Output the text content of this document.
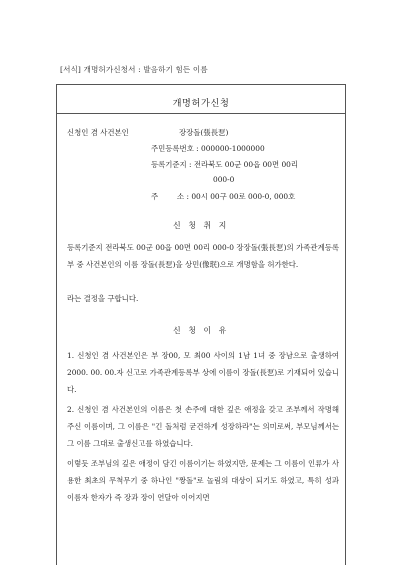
[서식] 개명허가신청서 : 발음하기 힘든 이름
개명허가신청
신청인 겸 사건본인	장장돌(張長乭)
주민등록번호 : 000000-1000000
등록기준지 : 전라북도 00군 00읍 00면 00리
000-0
주	소 : 00시 00구 00로 000-0, 000호
신 청 취 지
등록기준지 전라북도 00군 00읍 00면 00리 000-0 장장돌(張長乭)의 가족관계등록부 중 사건본인의 이름 장돌(長乭)을 상민(像珉)으로 개명함을 허가한다.
라는 결정을 구합니다.
신 청 이 유
1. 신청인 겸 사건본인은 부 장00, 모 최00 사이의 1남 1녀 중 장남으로 출생하여 2000. 00. 00.자 신고로 가족관계등록부 상에 이름이 장돌(長乭)로 기재되어 있습니다.
2. 신청인 겸 사건본인의 이름은 첫 손주에 대한 깊은 애정을 갖고 조부께서 작명해 주신 이름이며, 그 이름은 "긴 돌처럼 굳건하게 성장하라"는 의미로써, 부모님께서는 그 이름 그대로 출생신고를 하였습니다.
이렇듯 조부님의 깊은 애정이 담긴 이름이기는 하였지만, 문제는 그 이름이 인류가 사용한 최초의 무척무기 중 하나인 "짱돌"로 놀림의 대상이 되기도 하였고, 특히 성과 이름자 한자가 즉 장과 장이 연달아 이어지면
